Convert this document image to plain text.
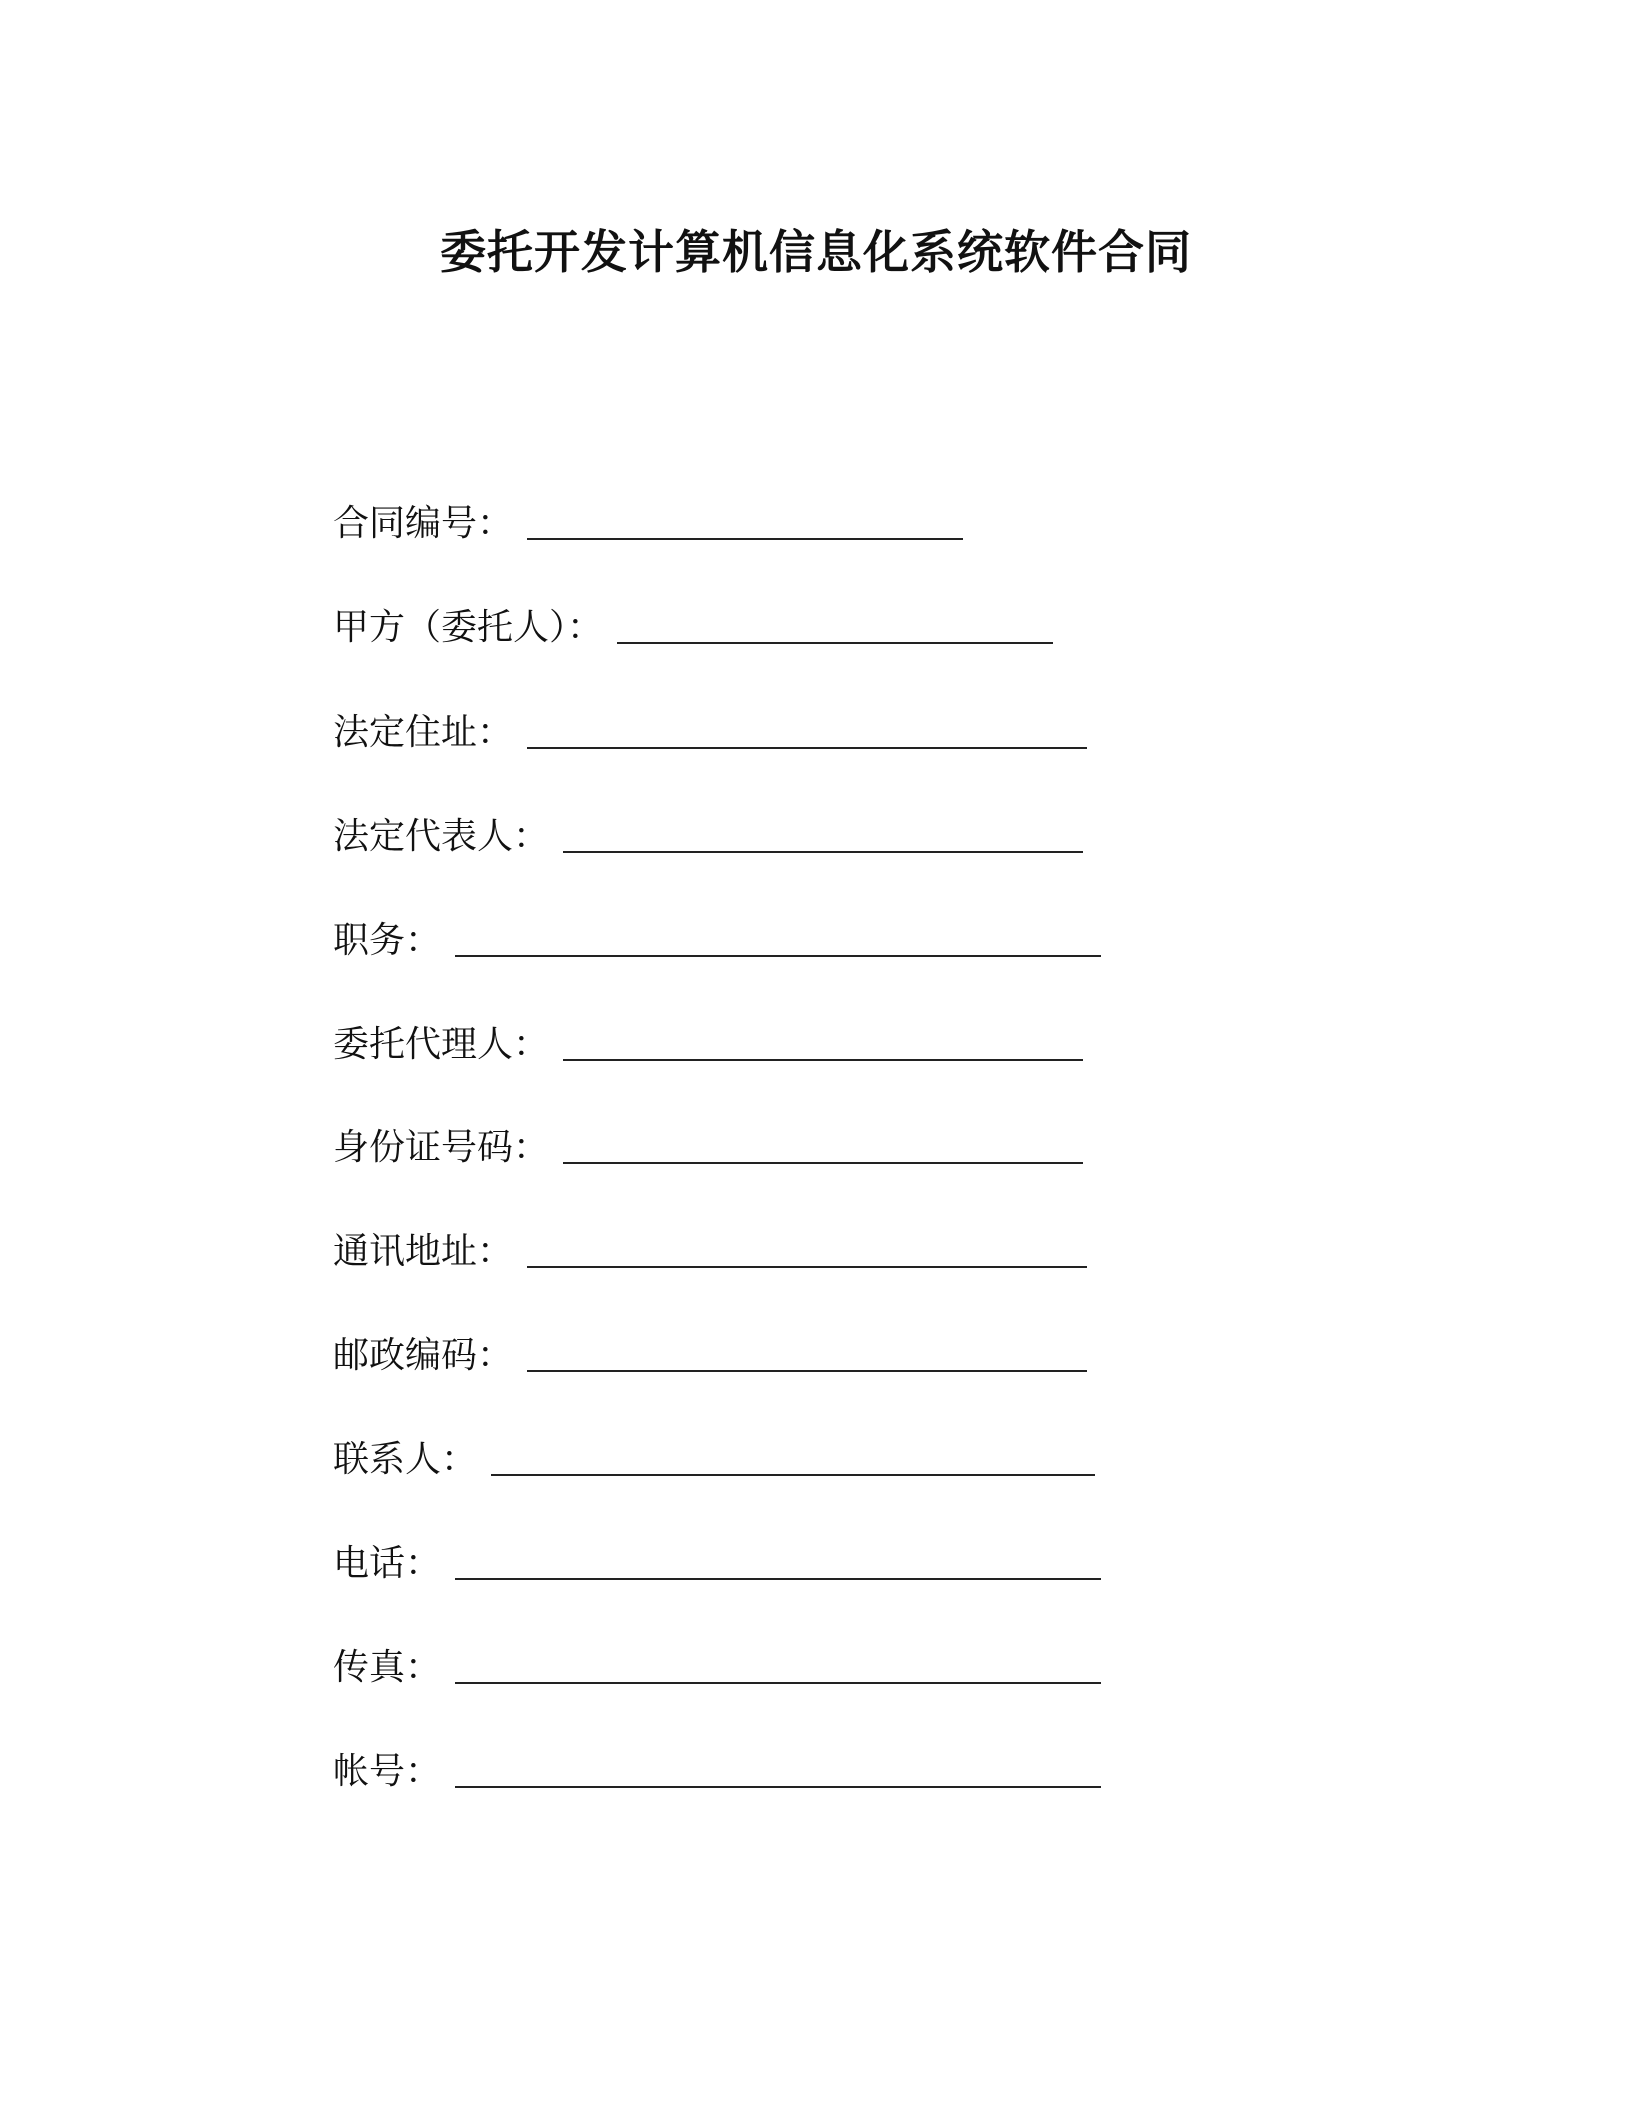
委托开发计算机信息化系统软件合同
合同编号：
甲方（委托人）：
法定住址：
法定代表人：
职务：
委托代理人：
身份证号码：
通讯地址：
邮政编码：
联系人：
电话：
传真：
帐号：
